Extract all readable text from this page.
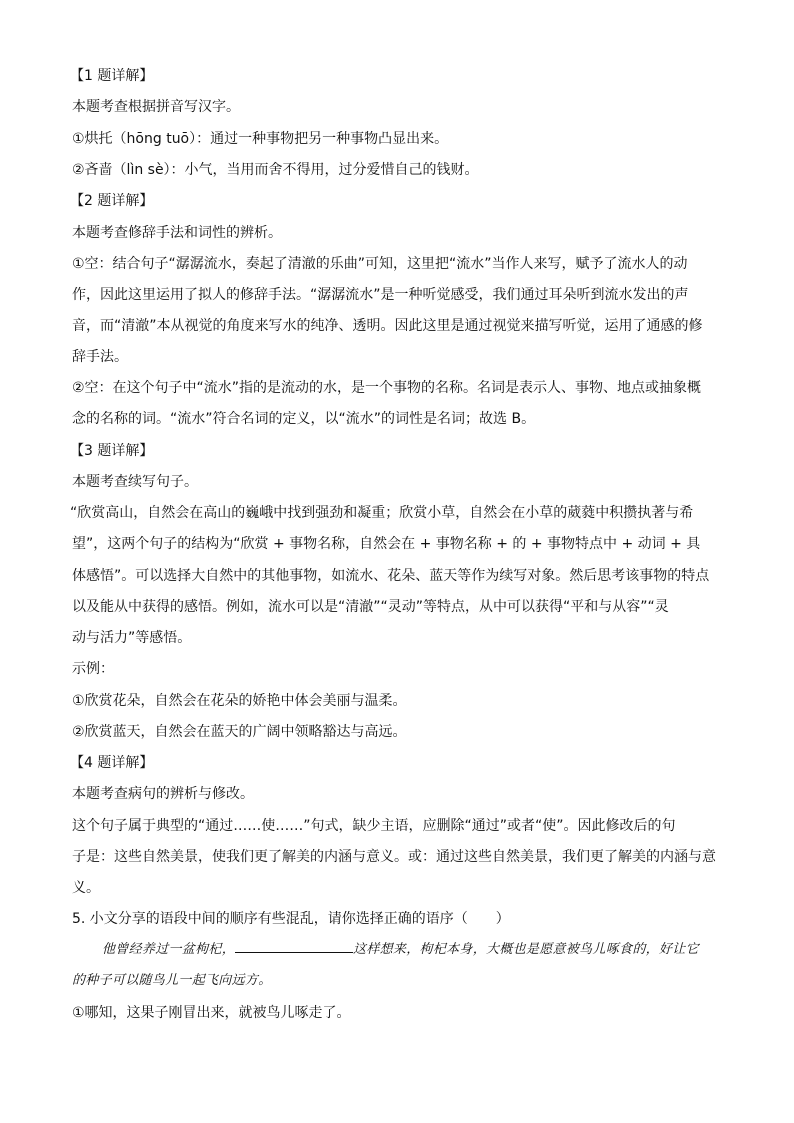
【1 题详解】
本题考查根据拼音写汉字。
①烘托（hōng tuō）：通过一种事物把另一种事物凸显出来。
②吝啬（lìn sè）：小气，当用而舍不得用，过分爱惜自己的钱财。
【2 题详解】
本题考查修辞手法和词性的辨析。
①空：结合句子“潺潺流水，奏起了清澈的乐曲”可知，这里把“流水”当作人来写，赋予了流水人的动
作，因此这里运用了拟人的修辞手法。“潺潺流水”是一种听觉感受，我们通过耳朵听到流水发出的声
音，而“清澈”本从视觉的角度来写水的纯净、透明。因此这里是通过视觉来描写听觉，运用了通感的修
辞手法。
②空：在这个句子中“流水”指的是流动的水，是一个事物的名称。名词是表示人、事物、地点或抽象概
念的名称的词。“流水”符合名词的定义，以“流水”的词性是名词；故选 B。
【3 题详解】
本题考查续写句子。
“欣赏高山，自然会在高山的巍峨中找到强劲和凝重；欣赏小草，自然会在小草的葳蕤中积攒执著与希
望”，这两个句子的结构为“欣赏 + 事物名称，自然会在 + 事物名称 + 的 + 事物特点中 + 动词 + 具
体感悟”。可以选择大自然中的其他事物，如流水、花朵、蓝天等作为续写对象。然后思考该事物的特点
以及能从中获得的感悟。例如，流水可以是“清澈”“灵动”等特点，从中可以获得“平和与从容”“灵
动与活力”等感悟。
示例：
①欣赏花朵，自然会在花朵的娇艳中体会美丽与温柔。
②欣赏蓝天，自然会在蓝天的广阔中领略豁达与高远。
【4 题详解】
本题考查病句的辨析与修改。
这个句子属于典型的“通过……使……”句式，缺少主语，应删除“通过”或者“使”。因此修改后的句
子是：这些自然美景，使我们更了解美的内涵与意义。或：通过这些自然美景，我们更了解美的内涵与意
义。
5. 小文分享的语段中间的顺序有些混乱，请你选择正确的语序（　　）
他曾经养过一盆枸杞，	这样想来，枸杞本身，大概也是愿意被鸟儿啄食的，好让它
的种子可以随鸟儿一起飞向远方。
①哪知，这果子刚冒出来，就被鸟儿啄走了。
